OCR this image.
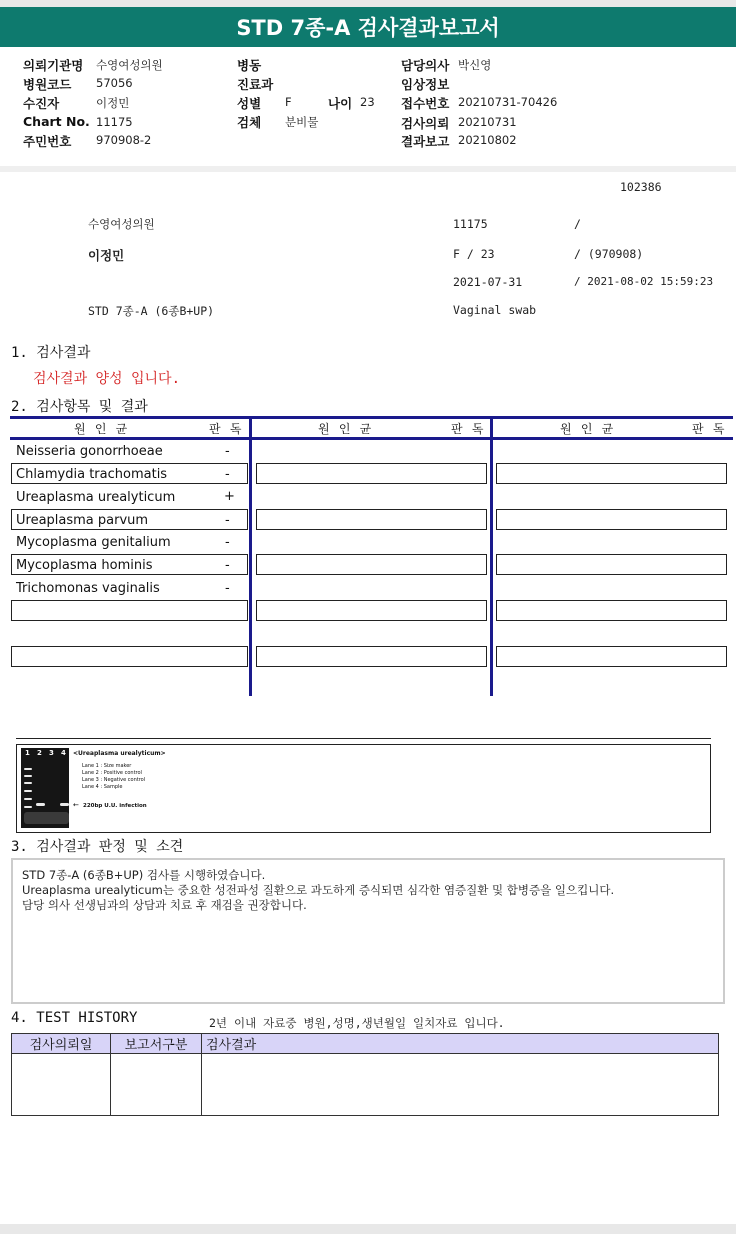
STD 7종-A 검사결과보고서
의뢰기관명 수영여성의원
병원코드 57056
수진자	이정민
Chart No. 11175
주민번호 970908-2
병동
진료과
성별 F	나이 23
검체 분비물
담당의사 박신영
임상정보
접수번호 20210731-70426
검사의뢰 20210731
결과보고 20210802
102386
수영여성의원	11175	/
이정민	F / 23	/ (970908)
2021-07-31	/ 2021-08-02 15:59:23
STD 7종-A (6종B+UP)	Vaginal swab
1. 검사결과
검사결과 양성 입니다.
2. 검사항목 및 결과
원 인 균	판 독	원 인 균	판 독	원 인 균	판 독
Neisseria gonorrhoeae	-
Chlamydia trachomatis	-
Ureaplasma urealyticum	+
Ureaplasma parvum	-
Mycoplasma genitalium	-
Mycoplasma hominis	-
Trichomonas vaginalis	-
1 2 3 4 <Ureaplasma urealyticum>
Lane 1 : Size maker
Lane 2 : Positive control
Lane 3 : Negative control
Lane 4 : Sample
← 220bp U.U. infection
3. 검사결과 판정 및 소견
STD 7종-A (6종B+UP) 검사를 시행하였습니다.
Ureaplasma urealyticum는 중요한 성전파성 질환으로 과도하게 증식되면 심각한 염증질환 및 합병증을 일으킵니다.
담당 의사 선생님과의 상담과 치료 후 재검을 권장합니다.
4. TEST HISTORY	2년 이내 자료중 병원,성명,생년월일 일치자료 입니다.
검사의뢰일	보고서구분	검사결과
